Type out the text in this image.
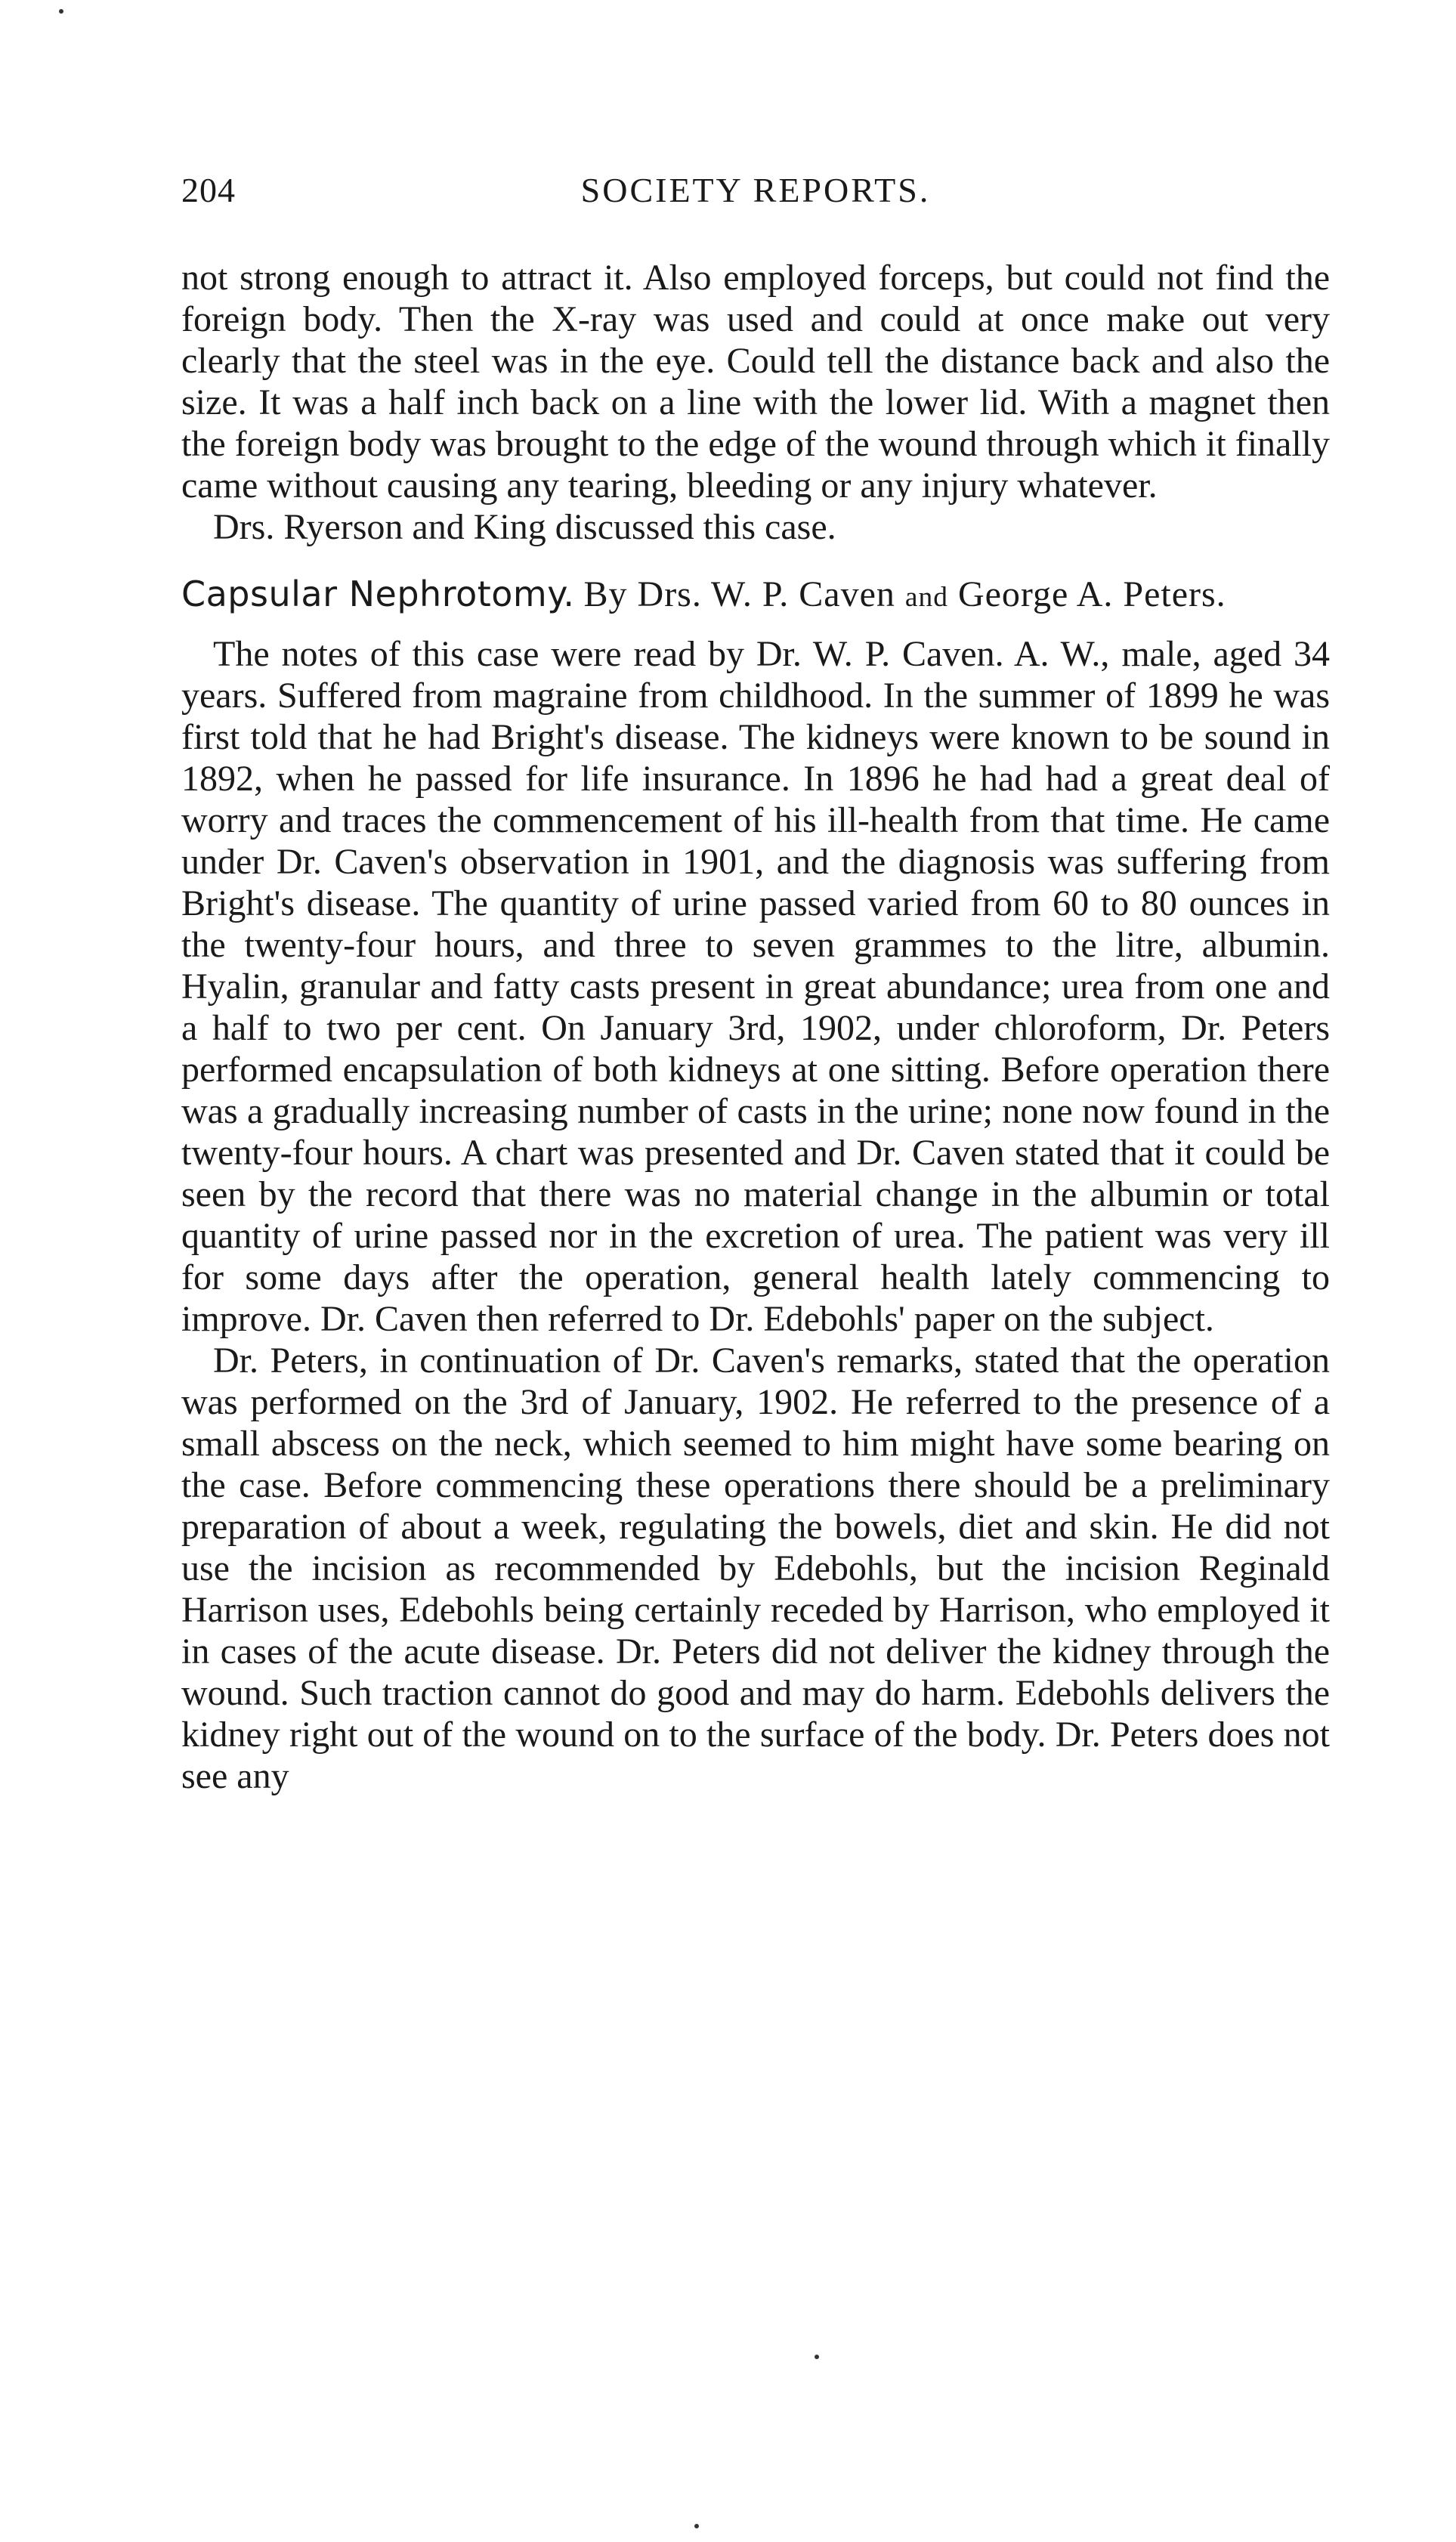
204	SOCIETY REPORTS.

not strong enough to attract it. Also employed forceps, but could not find the foreign body. Then the X-ray was used and could at once make out very clearly that the steel was in the eye. Could tell the distance back and also the size. It was a half inch back on a line with the lower lid. With a magnet then the foreign body was brought to the edge of the wound through which it finally came without causing any tearing, bleeding or any injury whatever.

Drs. Ryerson and King discussed this case.

Capsular Nephrotomy. By Drs. W. P. Caven and George A. Peters.

The notes of this case were read by Dr. W. P. Caven. A. W., male, aged 34 years. Suffered from magraine from childhood. In the summer of 1899 he was first told that he had Bright's disease. The kidneys were known to be sound in 1892, when he passed for life insurance. In 1896 he had had a great deal of worry and traces the commencement of his ill-health from that time. He came under Dr. Caven's observation in 1901, and the diagnosis was suffering from Bright's disease. The quantity of urine passed varied from 60 to 80 ounces in the twenty-four hours, and three to seven grammes to the litre, albumin. Hyalin, granular and fatty casts present in great abundance; urea from one and a half to two per cent. On January 3rd, 1902, under chloroform, Dr. Peters performed encapsulation of both kidneys at one sitting. Before operation there was a gradually increasing number of casts in the urine; none now found in the twenty-four hours. A chart was presented and Dr. Caven stated that it could be seen by the record that there was no material change in the albumin or total quantity of urine passed nor in the excretion of urea. The patient was very ill for some days after the operation, general health lately commencing to improve. Dr. Caven then referred to Dr. Edebohls' paper on the subject.

Dr. Peters, in continuation of Dr. Caven's remarks, stated that the operation was performed on the 3rd of January, 1902. He referred to the presence of a small abscess on the neck, which seemed to him might have some bearing on the case. Before commencing these operations there should be a preliminary preparation of about a week, regulating the bowels, diet and skin. He did not use the incision as recommended by Edebohls, but the incision Reginald Harrison uses, Edebohls being certainly receded by Harrison, who employed it in cases of the acute disease. Dr. Peters did not deliver the kidney through the wound. Such traction cannot do good and may do harm. Edebohls delivers the kidney right out of the wound on to the surface of the body. Dr. Peters does not see any
